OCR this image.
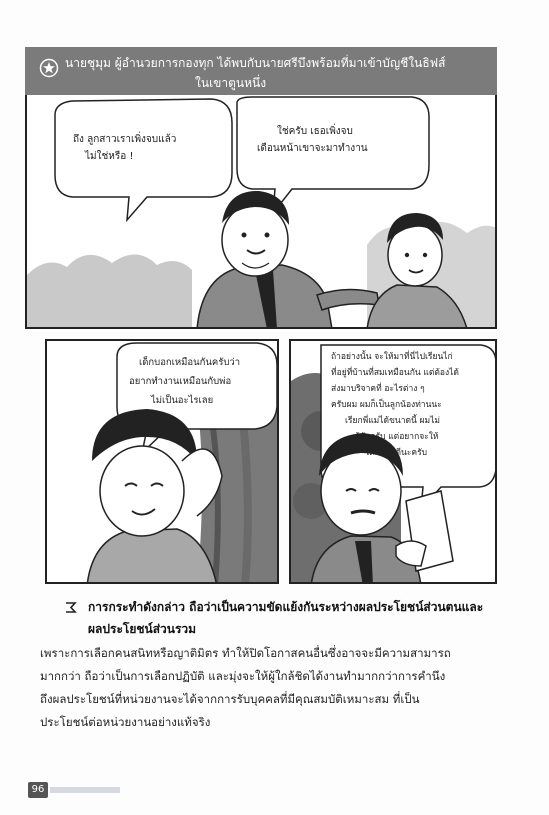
นายชุมุม ผู้อำนวยการกองทุก ได้พบกับนายศรีบึงพร้อมที่มาเข้าบัญชีในธิฟส์
ในเขาตูนหนึ่ง
ถึง ลูกสาวเราเพิ่งจบแล้ว
ไม่ใช่หรือ !
ใช่ครับ เธอเพิ่งจบ
เดือนหน้าเขาจะมาทำงาน
เด็กบอกเหมือนกันครับว่า
อยากทำงานเหมือนกับพ่อ
ไม่เป็นอะไรเลย
ถ้าอย่างนั้น จะให้มาที่นี่ไปเรียนไก่
ที่อยู่ที่บ้านที่สมเหมือนกัน แต่ต้องได้
ส่งมาบริจาคที่ อะไรต่าง ๆ
ครับผม ผมก็เป็นลูกน้องท่านนะ
เรียกพี่แม่ได้ขนาดนี้ ผมไม่
รู้ตัวครับ แต่อยากจะให้
ได้กันให้ดีนะครับ
การกระทำดังกล่าว ถือว่าเป็นความขัดแย้งกันระหว่างผลประโยชน์ส่วนตนและ
ผลประโยชน์ส่วนรวม

เพราะการเลือกคนสนิทหรือญาติมิตร ทำให้ปิดโอกาสคนอื่นซึ่งอาจจะมีความสามารถ
มากกว่า ถือว่าเป็นการเลือกปฏิบัติ และมุ่งจะให้ผู้ใกล้ชิดได้งานทำมากกว่าการคำนึง
ถึงผลประโยชน์ที่หน่วยงานจะได้จากการรับบุคคลที่มีคุณสมบัติเหมาะสม ที่เป็น
ประโยชน์ต่อหน่วยงานอย่างแท้จริง

96
